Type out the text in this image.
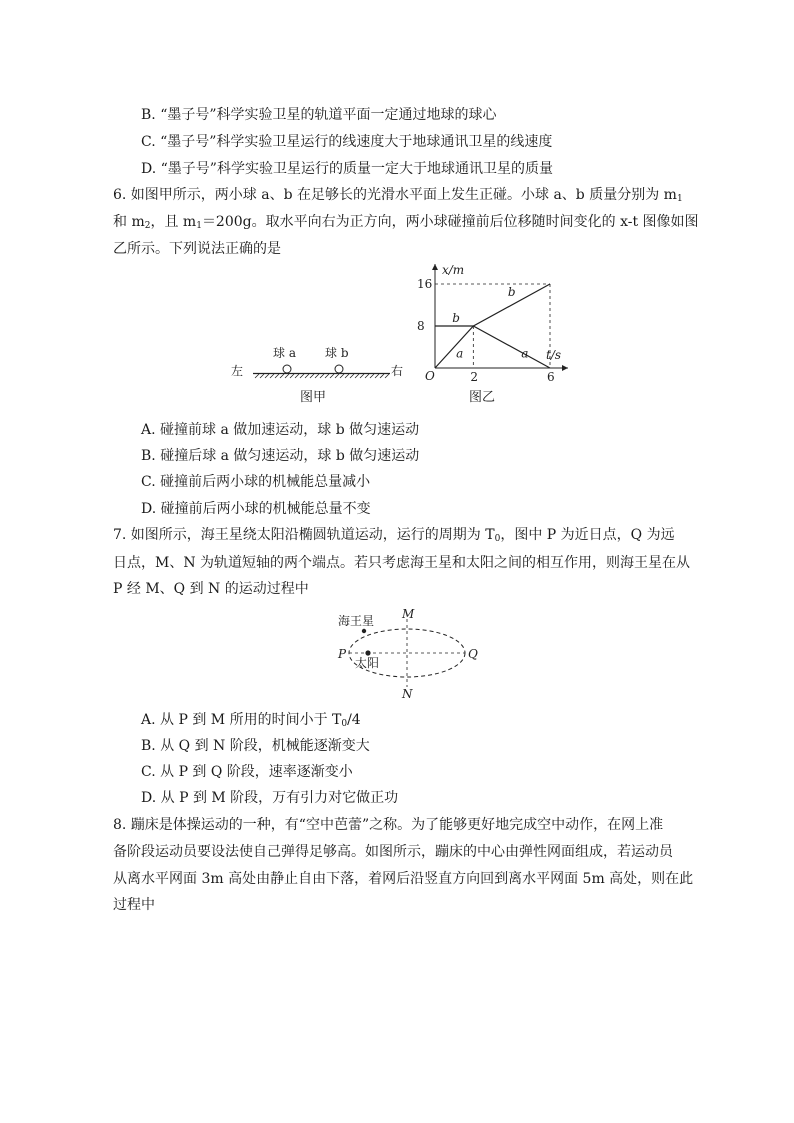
B. “墨子号”科学实验卫星的轨道平面一定通过地球的球心
C. “墨子号”科学实验卫星运行的线速度大于地球通讯卫星的线速度
D. “墨子号”科学实验卫星运行的质量一定大于地球通讯卫星的质量
6. 如图甲所示，两小球 a、b 在足够长的光滑水平面上发生正碰。小球 a、b 质量分别为 $m_1$
和 $m_2$，且 $m_1=200g$。取水平向右为正方向，两小球碰撞前后位移随时间变化的 x-t 图像如图
乙所示。下列说法正确的是
球 a 球 b
左	右
图甲
x/m
t/s
O
8
16
2	6
b
b
a	a
图乙
A. 碰撞前球 a 做加速运动，球 b 做匀速运动
B. 碰撞后球 a 做匀速运动，球 b 做匀速运动
C. 碰撞前后两小球的机械能总量减小
D. 碰撞前后两小球的机械能总量不变
7. 如图所示，海王星绕太阳沿椭圆轨道运动，运行的周期为 $T_0$，图中 P 为近日点，Q 为远
日点，M、N 为轨道短轴的两个端点。若只考虑海王星和太阳之间的相互作用，则海王星在从
P 经 M、Q 到 N 的运动过程中
海王星
太阳
M
N
P	Q
A. 从 P 到 M 所用的时间小于 $T_0/4$
B. 从 Q 到 N 阶段，机械能逐渐变大
C. 从 P 到 Q 阶段，速率逐渐变小
D. 从 P 到 M 阶段，万有引力对它做正功
8. 蹦床是体操运动的一种，有“空中芭蕾”之称。为了能够更好地完成空中动作，在网上准
备阶段运动员要设法使自己弹得足够高。如图所示，蹦床的中心由弹性网面组成，若运动员
从离水平网面 3m 高处由静止自由下落，着网后沿竖直方向回到离水平网面 5m 高处，则在此
过程中
